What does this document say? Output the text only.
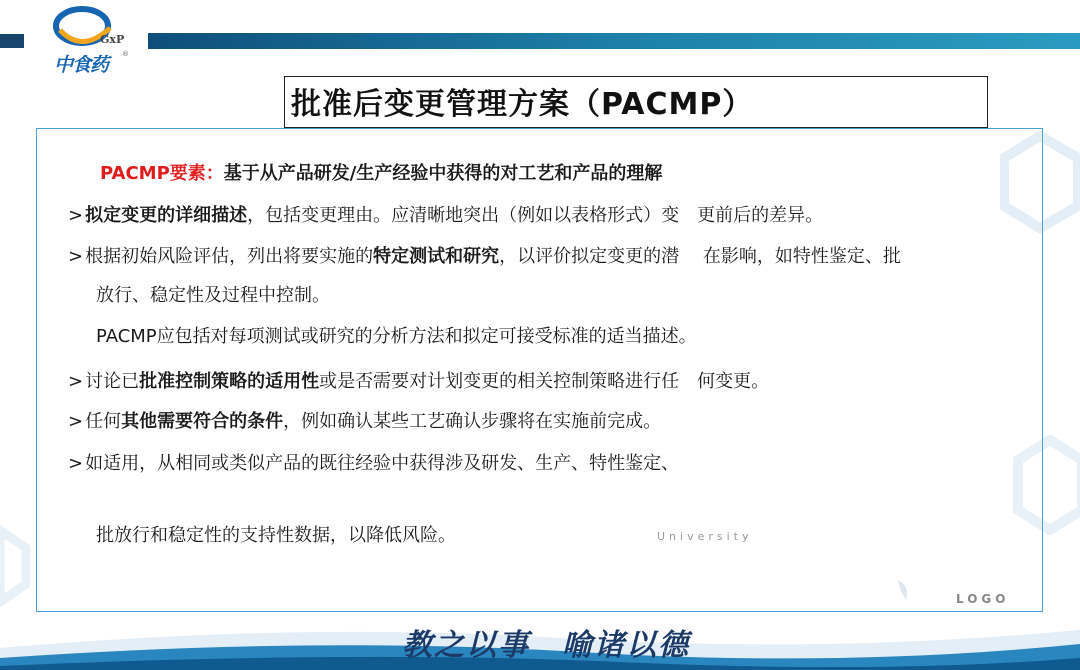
GxP
中食药 ®
批准后变更管理方案（PACMP）
PACMP要素：基于从产品研发/生产经验中获得的对工艺和产品的理解
> 拟定变更的详细描述，包括变更理由。应清晰地突出（例如以表格形式）变　更前后的差异。
> 根据初始风险评估，列出将要实施的特定测试和研究，以评价拟定变更的潜　 在影响，如特性鉴定、批
放行、稳定性及过程中控制。
PACMP应包括对每项测试或研究的分析方法和拟定可接受标准的适当描述。
> 讨论已批准控制策略的适用性或是否需要对计划变更的相关控制策略进行任　何变更。
> 任何其他需要符合的条件，例如确认某些工艺确认步骤将在实施前完成。
> 如适用，从相同或类似产品的既往经验中获得涉及研发、生产、特性鉴定、
批放行和稳定性的支持性数据，以降低风险。	University
LOGO
教之以事　喻诸以德
